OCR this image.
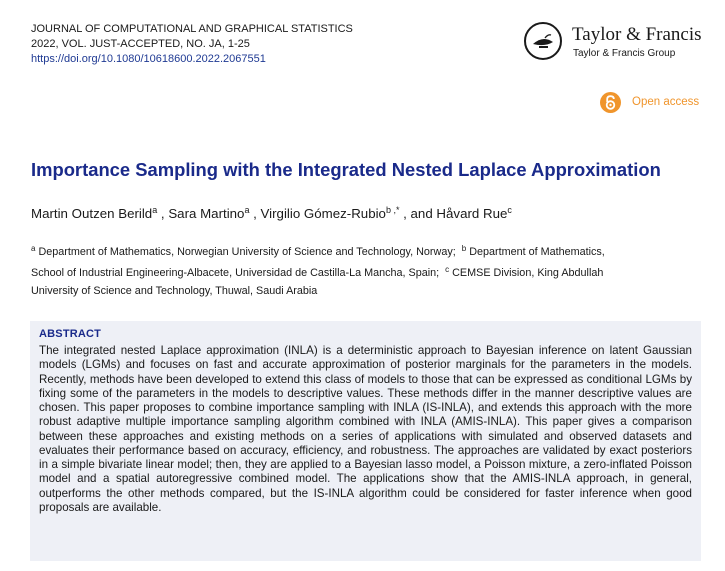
JOURNAL OF COMPUTATIONAL AND GRAPHICAL STATISTICS
2022, VOL. JUST-ACCEPTED, NO. JA, 1-25
https://doi.org/10.1080/10618600.2022.2067551
Taylor & Francis
Taylor & Francis Group
Open access
Importance Sampling with the Integrated Nested Laplace Approximation
Martin Outzen Berild$^a$ , Sara Martino$^a$ , Virgilio Gómez-Rubio$^{b ,*}$ , and Håvard Rue$^c$
$^a$ Department of Mathematics, Norwegian University of Science and Technology, Norway; $^b$ Department of Mathematics,
School of Industrial Engineering-Albacete, Universidad de Castilla-La Mancha, Spain; $^c$ CEMSE Division, King Abdullah
University of Science and Technology, Thuwal, Saudi Arabia
ABSTRACT

The integrated nested Laplace approximation (INLA) is a deterministic approach to Bayesian inference on latent Gaussian models (LGMs) and focuses on fast and accurate approximation of posterior marginals for the parameters in the models. Recently, methods have been developed to extend this class of models to those that can be expressed as conditional LGMs by fixing some of the parameters in the models to descriptive values. These methods differ in the manner descriptive values are chosen. This paper proposes to combine importance sampling with INLA (IS-INLA), and extends this approach with the more robust adaptive multiple importance sampling algorithm combined with INLA (AMIS-INLA). This paper gives a comparison between these approaches and existing methods on a series of applications with simulated and observed datasets and evaluates their performance based on accuracy, efficiency, and robustness. The approaches are validated by exact posteriors in a simple bivariate linear model; then, they are applied to a Bayesian lasso model, a Poisson mixture, a zero-inflated Poisson model and a spatial autoregressive combined model. The applications show that the AMIS-INLA approach, in general, outperforms the other methods compared, but the IS-INLA algorithm could be considered for faster inference when good proposals are available.
